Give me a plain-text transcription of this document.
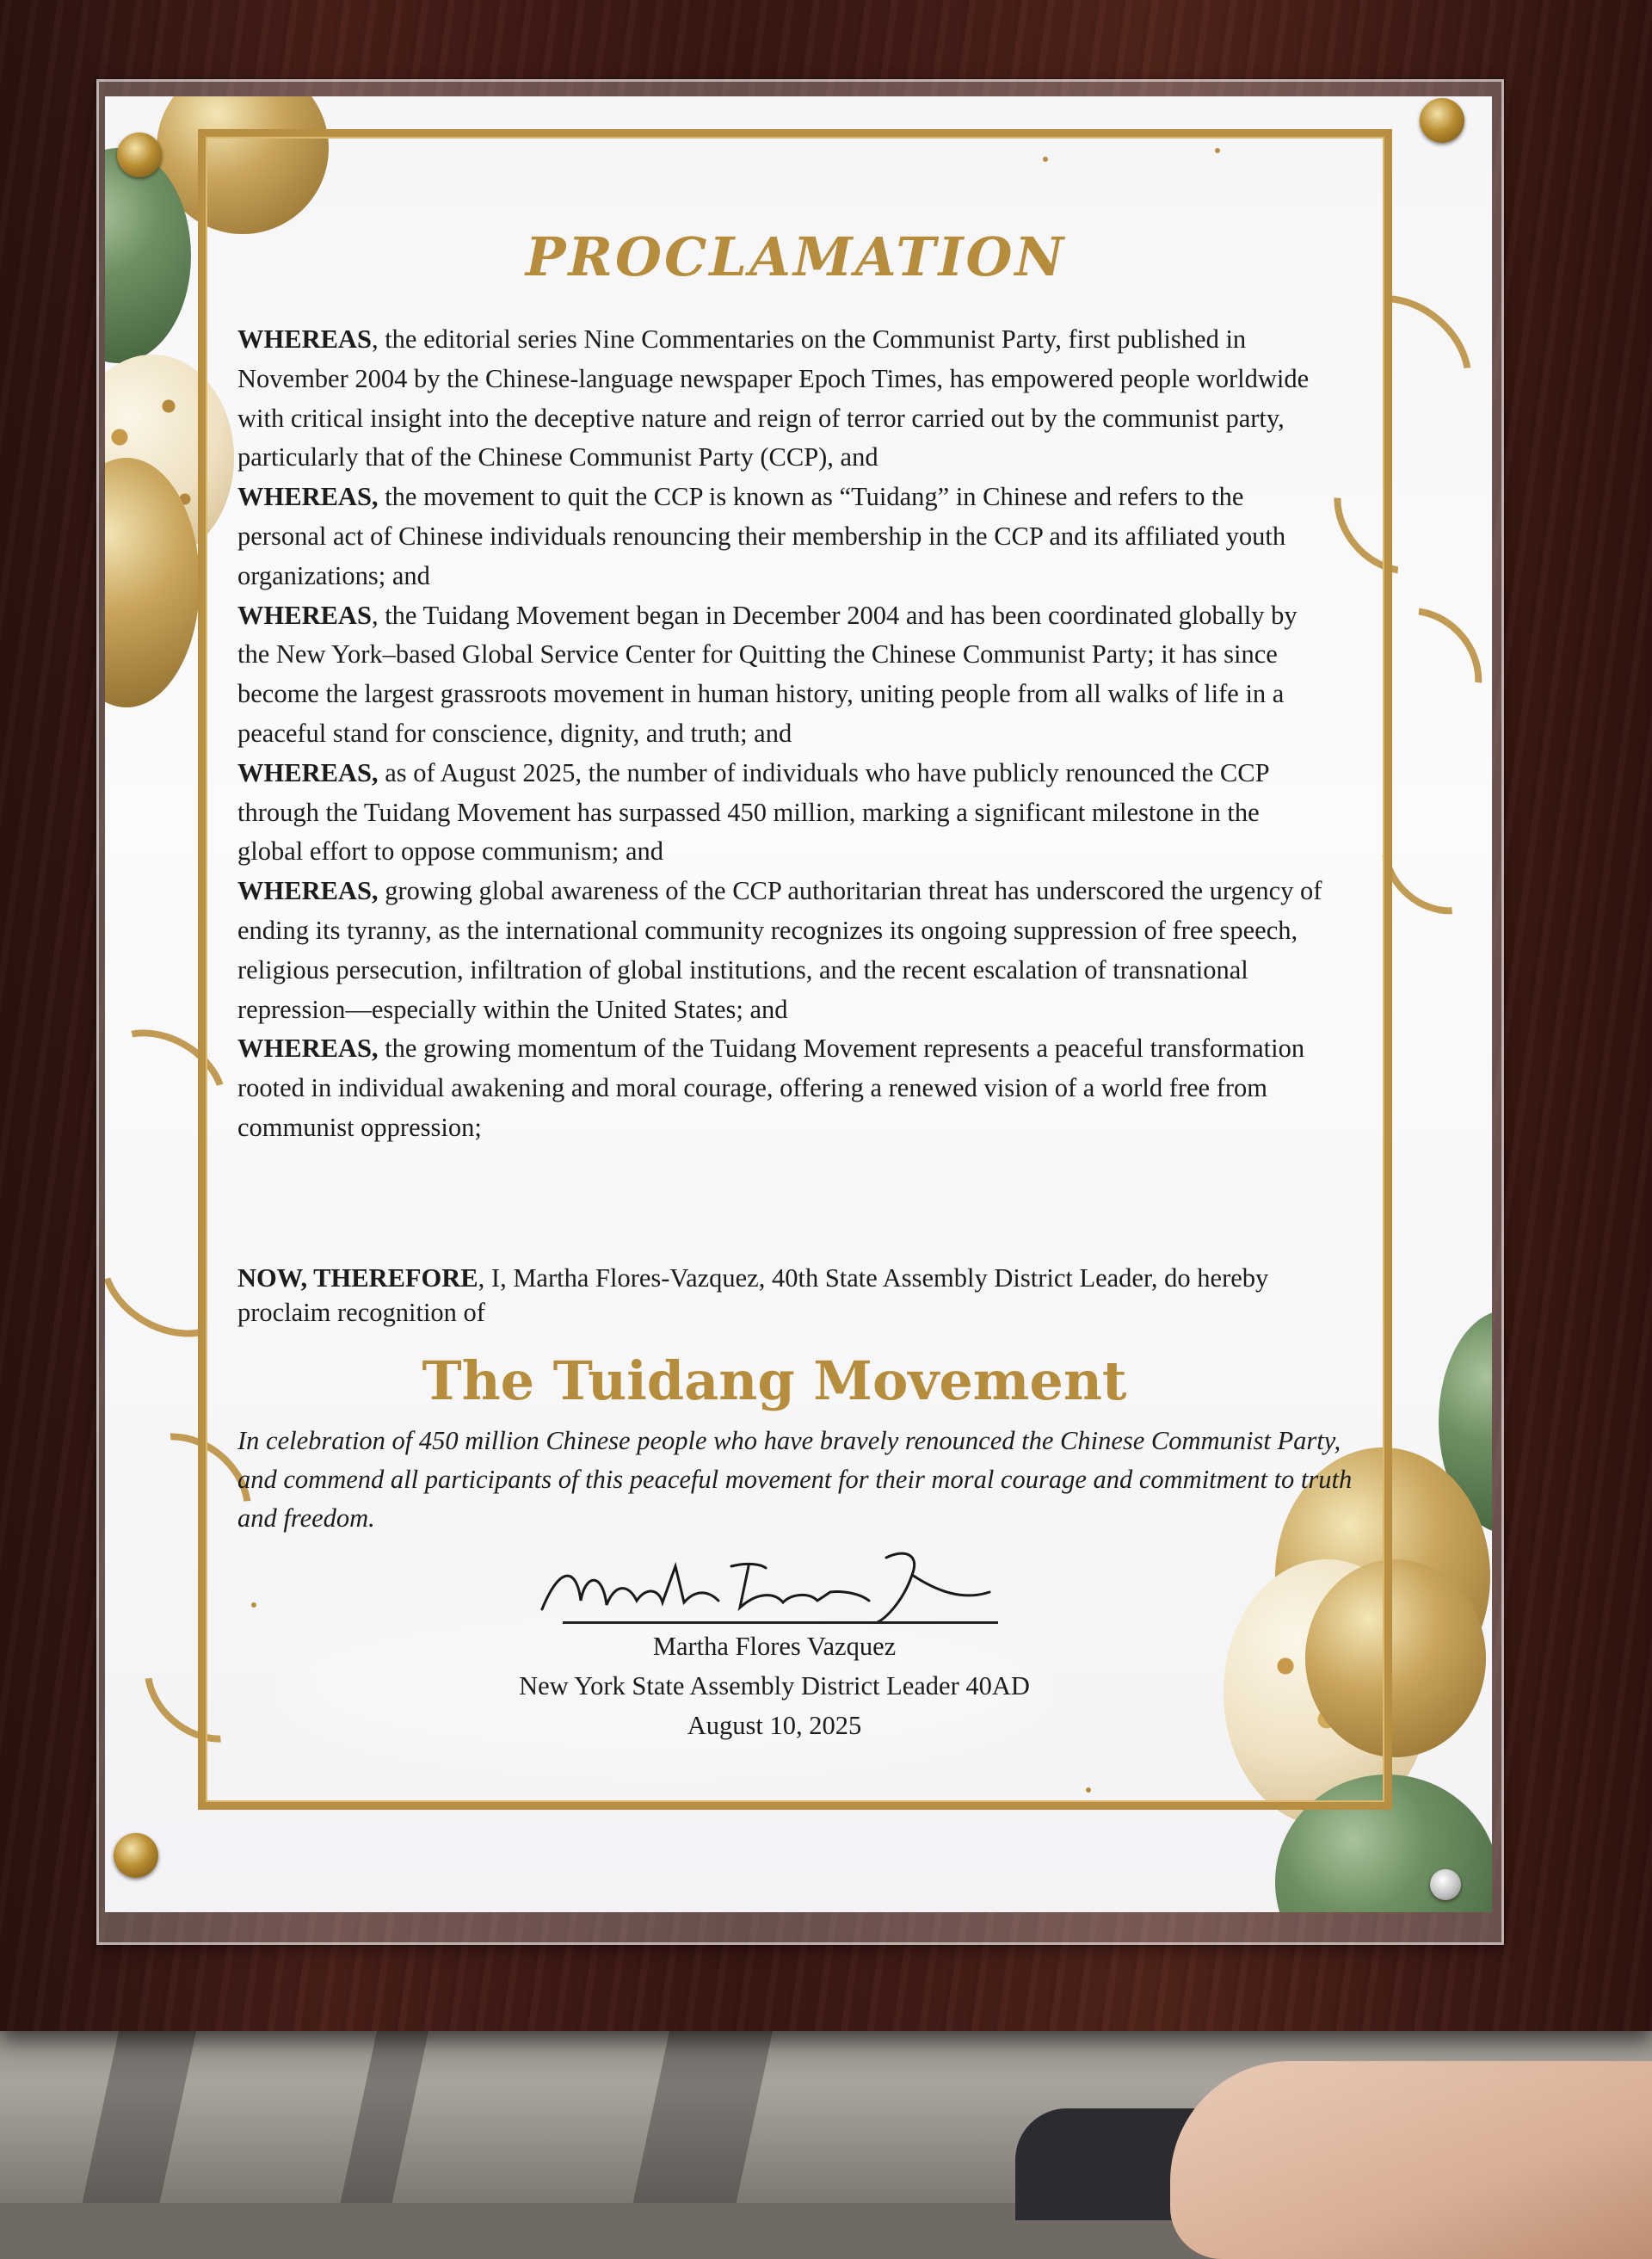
PROCLAMATION

WHEREAS, the editorial series Nine Commentaries on the Communist Party, first published in November 2004 by the Chinese-language newspaper Epoch Times, has empowered people worldwide with critical insight into the deceptive nature and reign of terror carried out by the communist party, particularly that of the Chinese Communist Party (CCP), and

WHEREAS, the movement to quit the CCP is known as “Tuidang” in Chinese and refers to the personal act of Chinese individuals renouncing their membership in the CCP and its affiliated youth organizations; and

WHEREAS, the Tuidang Movement began in December 2004 and has been coordinated globally by the New York–based Global Service Center for Quitting the Chinese Communist Party; it has since become the largest grassroots movement in human history, uniting people from all walks of life in a peaceful stand for conscience, dignity, and truth; and

WHEREAS, as of August 2025, the number of individuals who have publicly renounced the CCP through the Tuidang Movement has surpassed 450 million, marking a significant milestone in the global effort to oppose communism; and

WHEREAS, growing global awareness of the CCP authoritarian threat has underscored the urgency of ending its tyranny, as the international community recognizes its ongoing suppression of free speech, religious persecution, infiltration of global institutions, and the recent escalation of transnational repression—especially within the United States; and

WHEREAS, the growing momentum of the Tuidang Movement represents a peaceful transformation rooted in individual awakening and moral courage, offering a renewed vision of a world free from communist oppression;

NOW, THEREFORE, I, Martha Flores-Vazquez, 40th State Assembly District Leader, do hereby proclaim recognition of
The Tuidang Movement
In celebration of 450 million Chinese people who have bravely renounced the Chinese Communist Party, and commend all participants of this peaceful movement for their moral courage and commitment to truth and freedom.
Martha Flores Vazquez
New York State Assembly District Leader 40AD
August 10, 2025
